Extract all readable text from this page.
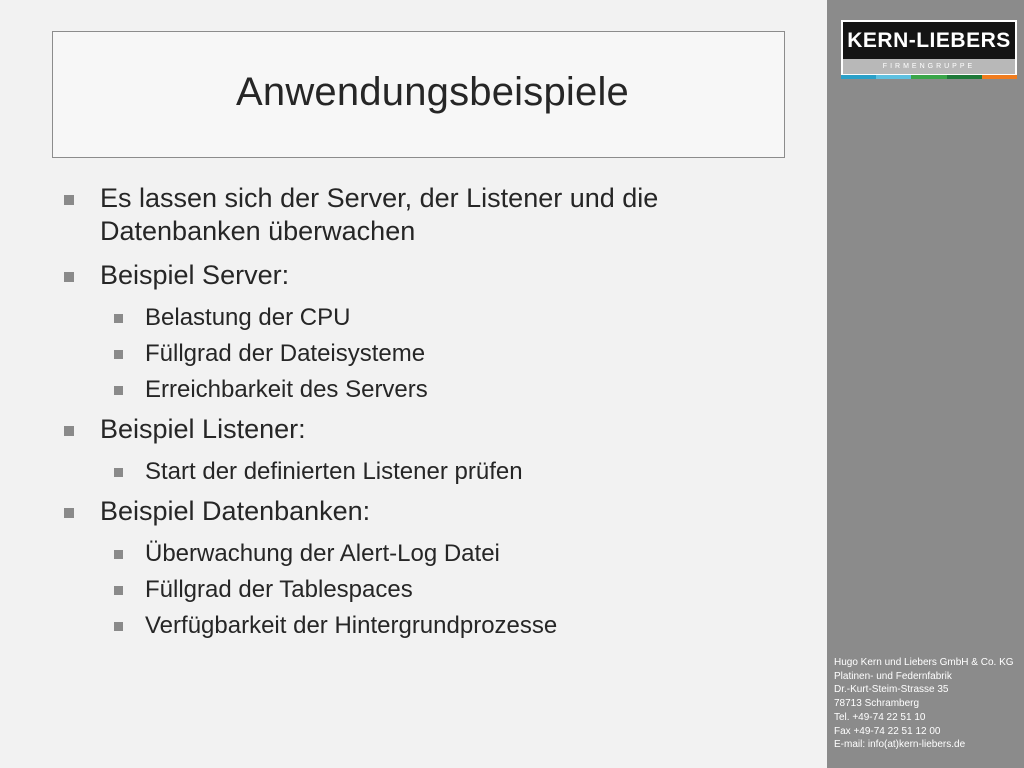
Anwendungsbeispiele
Es lassen sich der Server, der Listener und die Datenbanken überwachen
Beispiel Server:
Belastung der CPU
Füllgrad der Dateisysteme
Erreichbarkeit des Servers
Beispiel Listener:
Start der definierten Listener prüfen
Beispiel Datenbanken:
Überwachung der Alert-Log Datei
Füllgrad der Tablespaces
Verfügbarkeit der Hintergrundprozesse
KERN-LIEBERS
FIRMENGRUPPE
Hugo Kern und Liebers GmbH & Co. KG
Platinen- und Federnfabrik
Dr.-Kurt-Steim-Strasse 35
78713 Schramberg
Tel. +49-74 22 51 10
Fax +49-74 22 51 12 00
E-mail: info(at)kern-liebers.de
